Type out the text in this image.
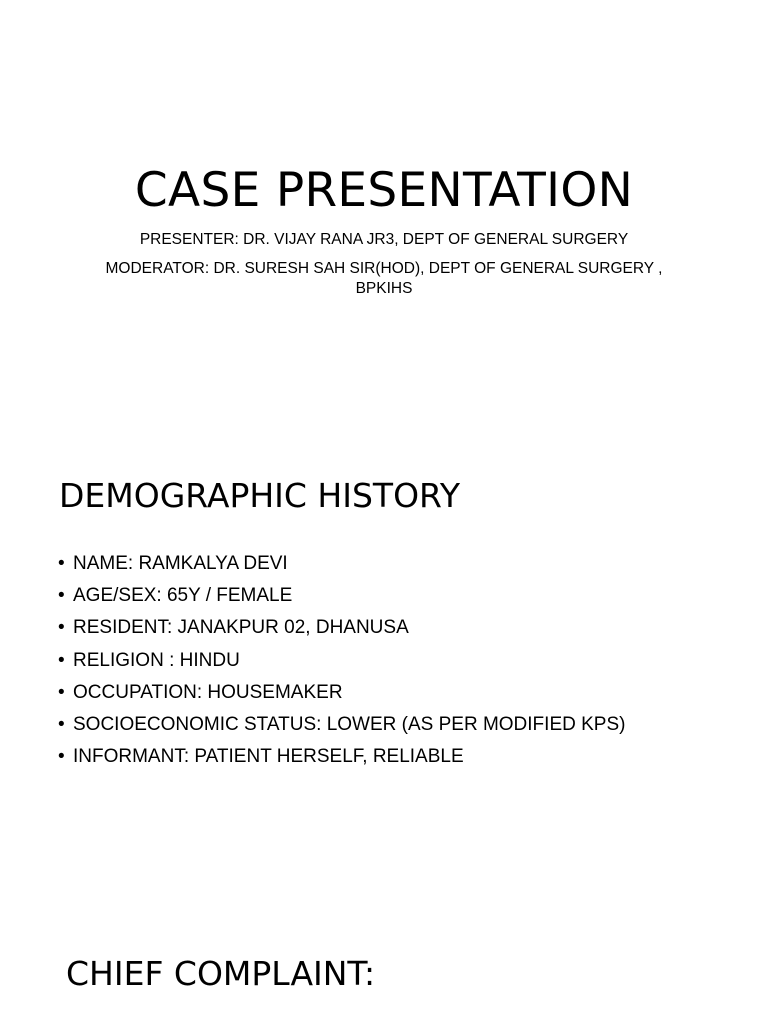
CASE PRESENTATION
PRESENTER: DR. VIJAY RANA JR3, DEPT OF GENERAL SURGERY
MODERATOR: DR. SURESH SAH SIR(HOD), DEPT OF GENERAL SURGERY ,
BPKIHS
DEMOGRAPHIC HISTORY
• NAME: RAMKALYA DEVI
• AGE/SEX: 65Y / FEMALE
• RESIDENT: JANAKPUR 02, DHANUSA
• RELIGION : HINDU
• OCCUPATION: HOUSEMAKER
• SOCIOECONOMIC STATUS: LOWER (AS PER MODIFIED KPS)
• INFORMANT: PATIENT HERSELF, RELIABLE
CHIEF COMPLAINT:
